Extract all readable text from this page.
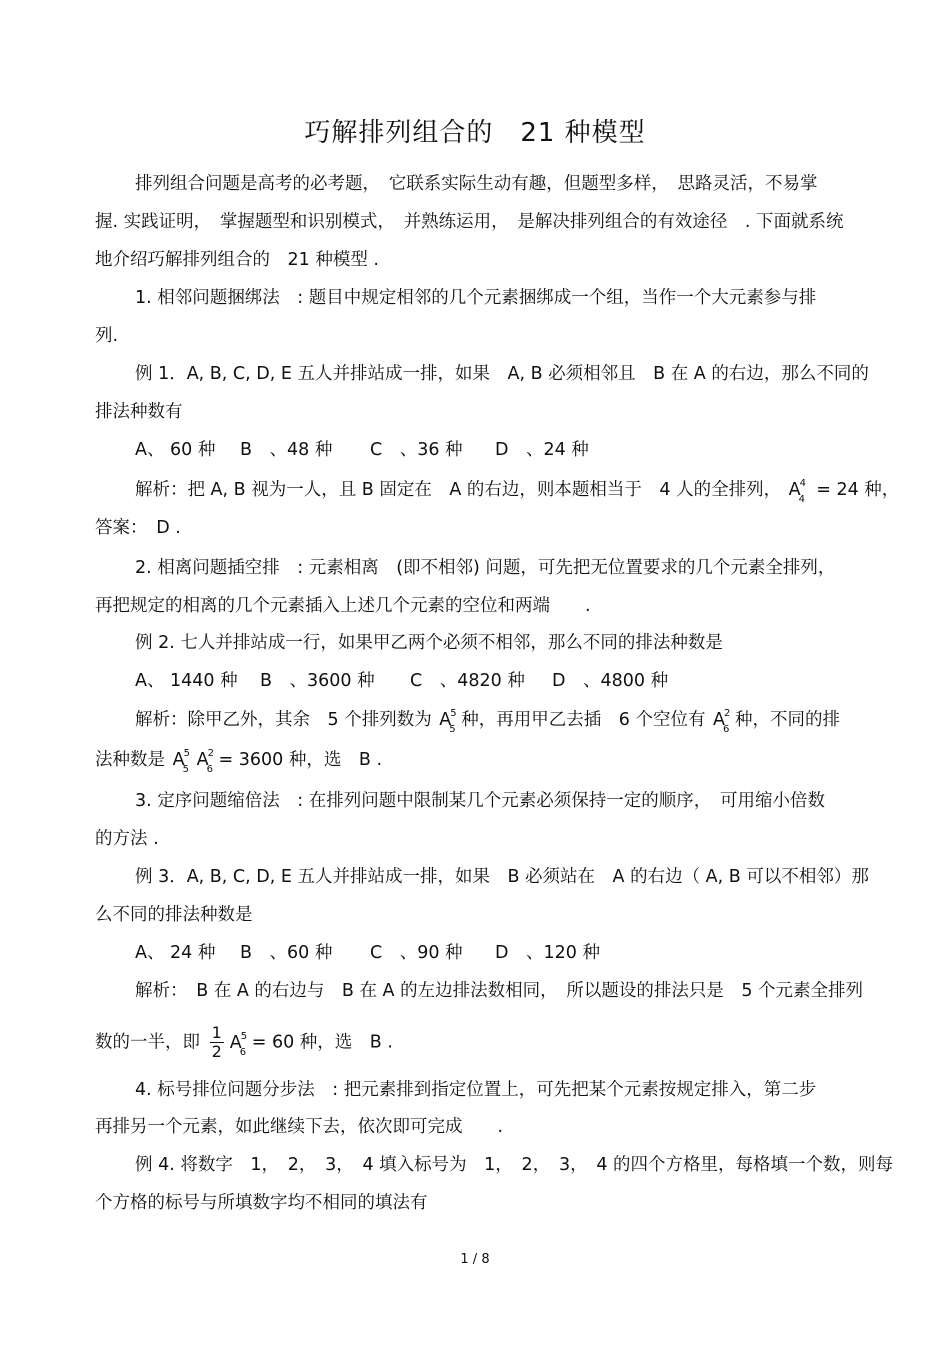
巧解排列组合的　21 种模型
排列组合问题是高考的必考题，　它联系实际生动有趣，但题型多样，　思路灵活，不易掌
握. 实践证明，　掌握题型和识别模式，　并熟练运用，　是解决排列组合的有效途径　. 下面就系统
地介绍巧解排列组合的　21 种模型 .
1. 相邻问题捆绑法　: 题目中规定相邻的几个元素捆绑成一个组，当作一个大元素参与排
列.
例 1．A, B, C, D, E 五人并排站成一排，如果　A, B 必须相邻且　B 在 A 的右边，那么不同的
排法种数有
A、 60 种 B　、48 种 C　、36 种 D　、24 种
解析：把 A, B 视为一人，且 B 固定在　A 的右边，则本题相当于　4 人的全排列， A 4
4 = 24 种，
答案：　D .
2. 相离问题插空排　: 元素相离　(即不相邻) 问题，可先把无位置要求的几个元素全排列，
再把规定的相离的几个元素插入上述几个元素的空位和两端　　.
例 2. 七人并排站成一行，如果甲乙两个必须不相邻，那么不同的排法种数是
A、 1440 种 B　、3600 种 C　、4820 种 D　、4800 种
解析：除甲乙外，其余　5 个排列数为 A 5
5 种，再用甲乙去插　6 个空位有 A 2
6 种，不同的排
法种数是 A 5
5 A 2
6 = 3600 种，选　B .
3. 定序问题缩倍法　: 在排列问题中限制某几个元素必须保持一定的顺序，　可用缩小倍数
的方法 .
例 3．A, B, C, D, E 五人并排站成一排，如果　B 必须站在　A 的右边（ A, B 可以不相邻）那
么不同的排法种数是
A、 24 种 B　、60 种 C　、90 种 D　、120 种
解析：　B 在 A 的右边与　B 在 A 的左边排法数相同，　所以题设的排法只是　5 个元素全排列
数的一半，即 $\frac{1}{2}$ A 5
6 = 60 种，选　B .
4. 标号排位问题分步法　: 把元素排到指定位置上，可先把某个元素按规定排入，第二步
再排另一个元素，如此继续下去，依次即可完成　　.
例 4. 将数字　1，　2，　3，　4 填入标号为　1，　2，　3，　4 的四个方格里，每格填一个数，则每
个方格的标号与所填数字均不相同的填法有
1 / 8
